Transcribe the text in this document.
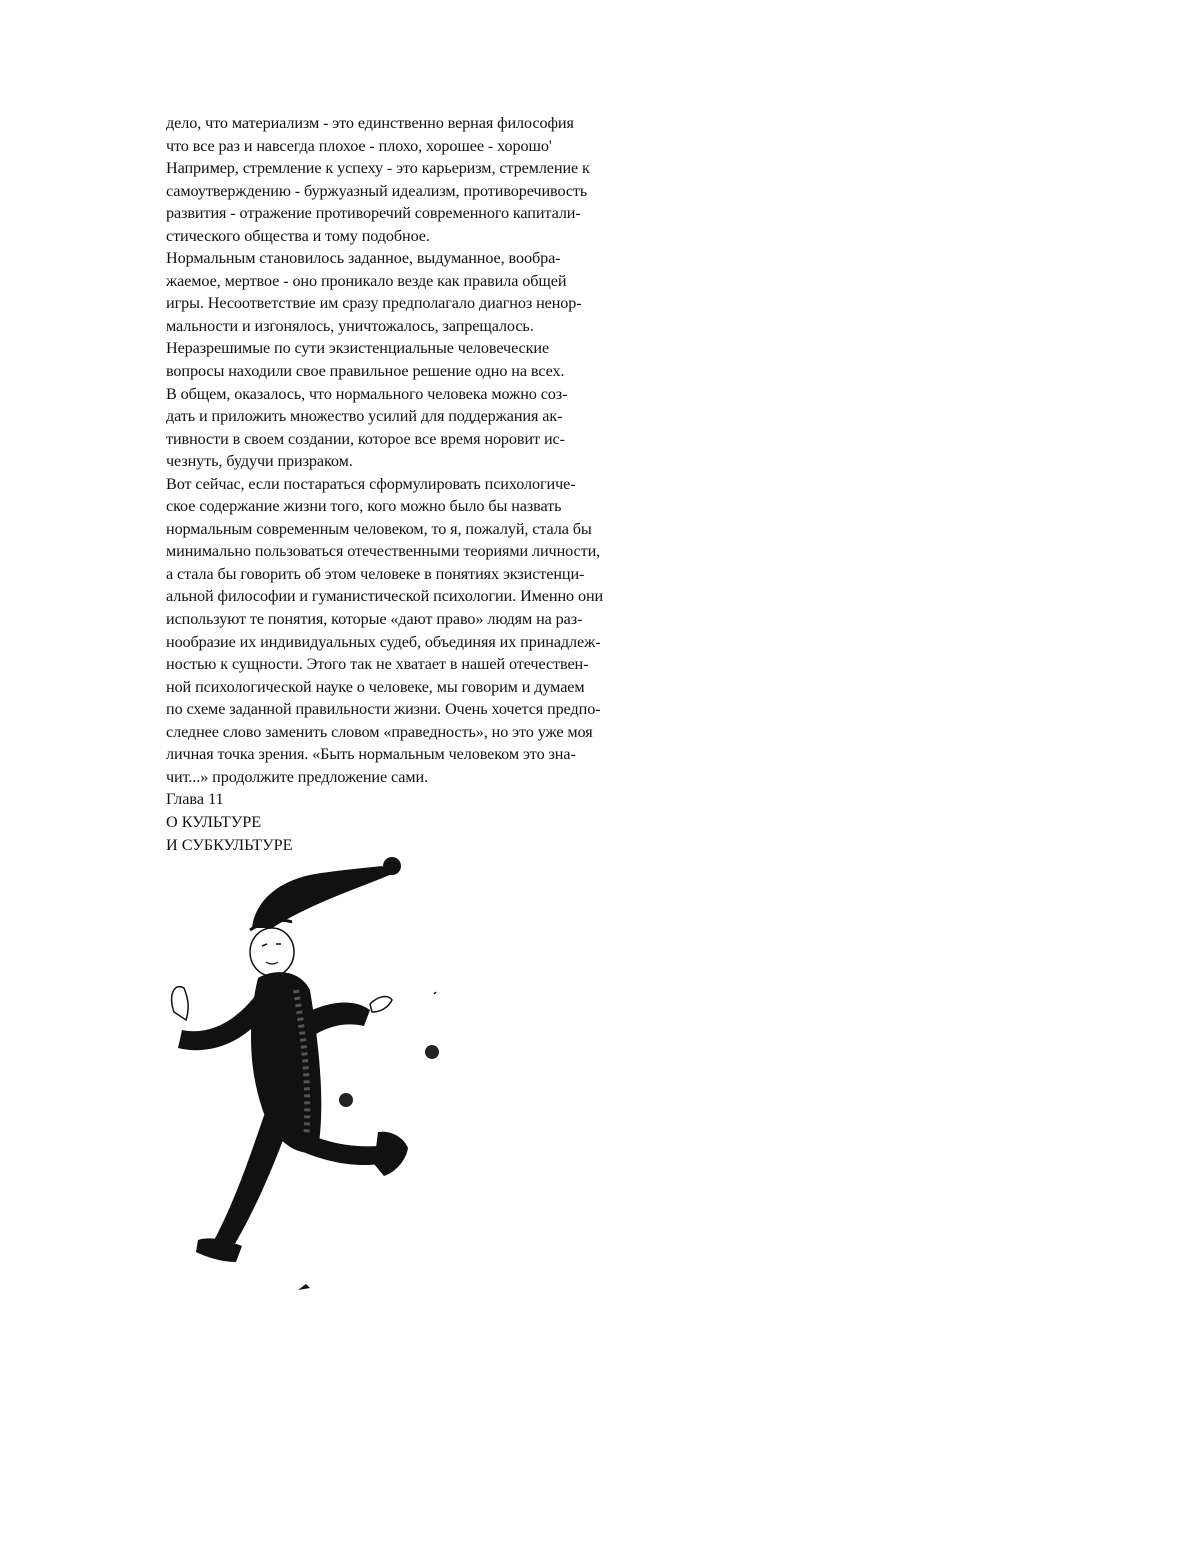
дело, что материализм - это единственно верная философия
что все раз и навсегда плохое - плохо, хорошее - хорошо'
Например, стремление к успеху - это карьеризм, стремление к
самоутверждению - буржуазный идеализм, противоречивость
развития - отражение противоречий современного капитали-
стического общества и тому подобное.
Нормальным становилось заданное, выдуманное, вообра-
жаемое, мертвое - оно проникало везде как правила общей
игры. Несоответствие им сразу предполагало диагноз ненор-
мальности и изгонялось, уничтожалось, запрещалось.
Неразрешимые по сути экзистенциальные человеческие
вопросы находили свое правильное решение одно на всех.
В общем, оказалось, что нормального человека можно соз-
дать и приложить множество усилий для поддержания ак-
тивности в своем создании, которое все время норовит ис-
чезнуть, будучи призраком.
Вот сейчас, если постараться сформулировать психологиче-
ское содержание жизни того, кого можно было бы назвать
нормальным современным человеком, то я, пожалуй, стала бы
минимально пользоваться отечественными теориями личности,
а стала бы говорить об этом человеке в понятиях экзистенци-
альной философии и гуманистической психологии. Именно они
используют те понятия, которые «дают право» людям на раз-
нообразие их индивидуальных судеб, объединяя их принадлеж-
ностью к сущности. Этого так не хватает в нашей отечествен-
ной психологической науке о человеке, мы говорим и думаем
по схеме заданной правильности жизни. Очень хочется предпо-
следнее слово заменить словом «праведность», но это уже моя
личная точка зрения. «Быть нормальным человеком это зна-
чит...» продолжите предложение сами.
Глава 11
О КУЛЬТУРЕ
И СУБКУЛЬТУРЕ
